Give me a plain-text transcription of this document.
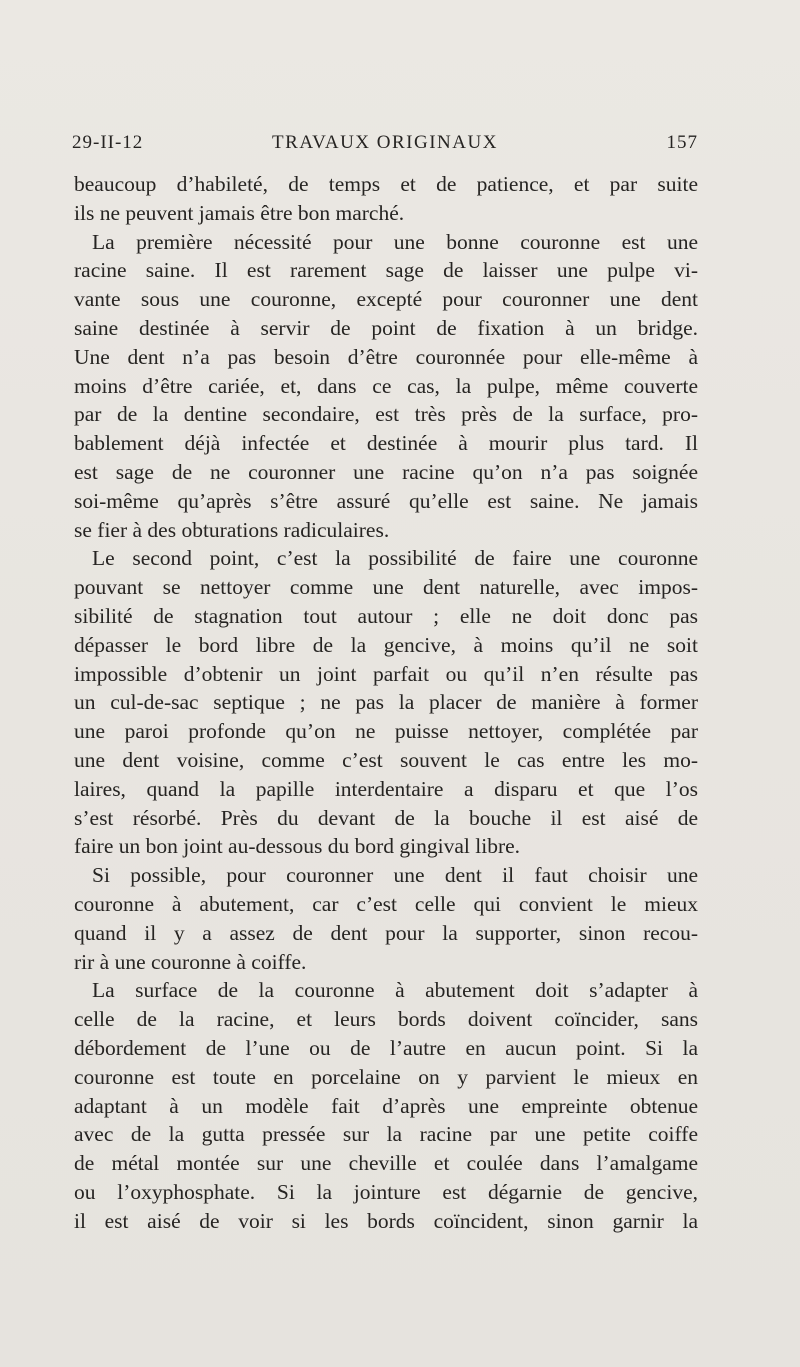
29-II-12	TRAVAUX ORIGINAUX	157
beaucoup d’habileté, de temps et de patience, et par suite
ils ne peuvent jamais être bon marché.
La première nécessité pour une bonne couronne est une
racine saine. Il est rarement sage de laisser une pulpe vi-
vante sous une couronne, excepté pour couronner une dent
saine destinée à servir de point de fixation à un bridge.
Une dent n’a pas besoin d’être couronnée pour elle-même à
moins d’être cariée, et, dans ce cas, la pulpe, même couverte
par de la dentine secondaire, est très près de la surface, pro-
bablement déjà infectée et destinée à mourir plus tard. Il
est sage de ne couronner une racine qu’on n’a pas soignée
soi-même qu’après s’être assuré qu’elle est saine. Ne jamais
se fier à des obturations radiculaires.
Le second point, c’est la possibilité de faire une couronne
pouvant se nettoyer comme une dent naturelle, avec impos-
sibilité de stagnation tout autour ; elle ne doit donc pas
dépasser le bord libre de la gencive, à moins qu’il ne soit
impossible d’obtenir un joint parfait ou qu’il n’en résulte pas
un cul-de-sac septique ; ne pas la placer de manière à former
une paroi profonde qu’on ne puisse nettoyer, complétée par
une dent voisine, comme c’est souvent le cas entre les mo-
laires, quand la papille interdentaire a disparu et que l’os
s’est résorbé. Près du devant de la bouche il est aisé de
faire un bon joint au-dessous du bord gingival libre.
Si possible, pour couronner une dent il faut choisir une
couronne à abutement, car c’est celle qui convient le mieux
quand il y a assez de dent pour la supporter, sinon recou-
rir à une couronne à coiffe.
La surface de la couronne à abutement doit s’adapter à
celle de la racine, et leurs bords doivent coïncider, sans
débordement de l’une ou de l’autre en aucun point. Si la
couronne est toute en porcelaine on y parvient le mieux en
adaptant à un modèle fait d’après une empreinte obtenue
avec de la gutta pressée sur la racine par une petite coiffe
de métal montée sur une cheville et coulée dans l’amalgame
ou l’oxyphosphate. Si la jointure est dégarnie de gencive,
il est aisé de voir si les bords coïncident, sinon garnir la
